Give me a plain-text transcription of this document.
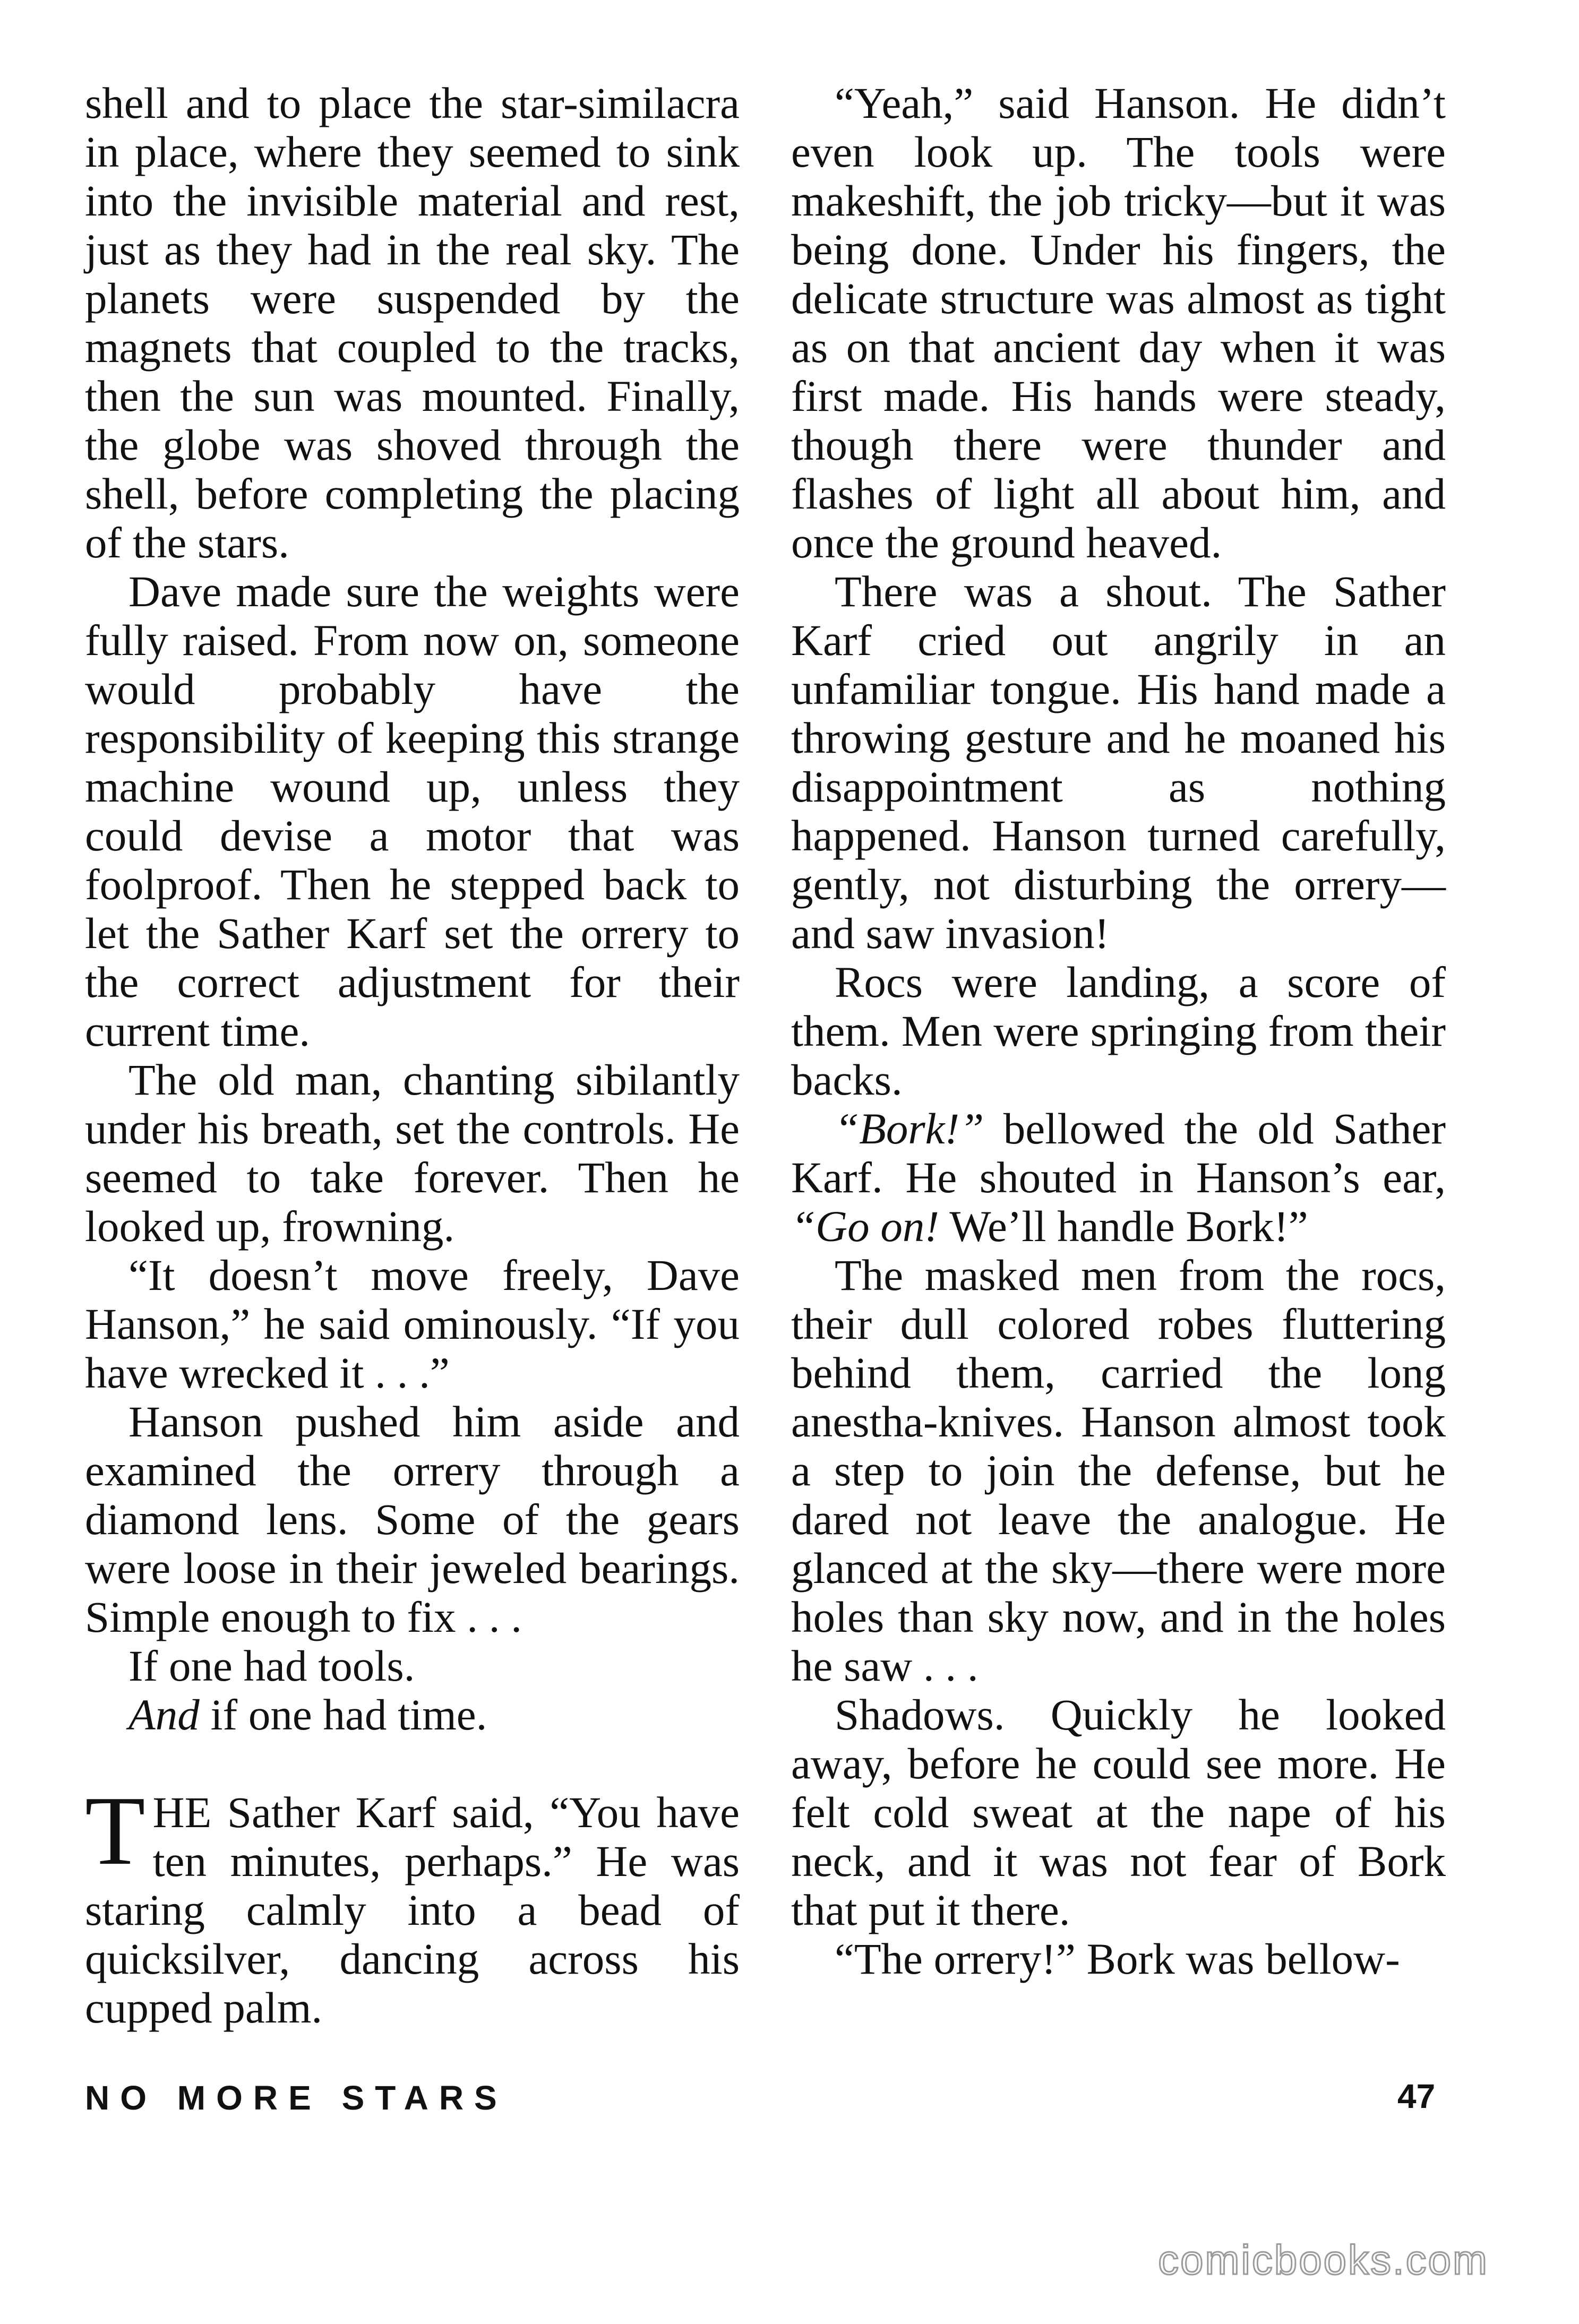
shell and to place the star-similacra in place, where they seemed to sink into the invisible material and rest, just as they had in the real sky. The planets were suspended by the magnets that coupled to the tracks, then the sun was mounted. Finally, the globe was shoved through the shell, before completing the placing of the stars.

Dave made sure the weights were fully raised. From now on, someone would probably have the responsibility of keeping this strange machine wound up, unless they could devise a motor that was foolproof. Then he stepped back to let the Sather Karf set the orrery to the correct adjustment for their current time.

The old man, chanting sibilantly under his breath, set the controls. He seemed to take forever. Then he looked up, frowning.

“It doesn’t move freely, Dave Hanson,” he said ominously. “If you have wrecked it . . .”

Hanson pushed him aside and examined the orrery through a diamond lens. Some of the gears were loose in their jeweled bearings. Simple enough to fix . . .

If one had tools.

And if one had time.

THE Sather Karf said, “You have ten minutes, perhaps.” He was staring calmly into a bead of quicksilver, dancing across his cupped palm.

“Yeah,” said Hanson. He didn’t even look up. The tools were makeshift, the job tricky—but it was being done. Under his fingers, the delicate structure was almost as tight as on that ancient day when it was first made. His hands were steady, though there were thunder and flashes of light all about him, and once the ground heaved.

There was a shout. The Sather Karf cried out angrily in an unfamiliar tongue. His hand made a throwing gesture and he moaned his disappointment as nothing happened. Hanson turned carefully, gently, not disturbing the orrery—and saw invasion!

Rocs were landing, a score of them. Men were springing from their backs.

“Bork!” bellowed the old Sather Karf. He shouted in Hanson’s ear, “Go on! We’ll handle Bork!”

The masked men from the rocs, their dull colored robes fluttering behind them, carried the long anestha-knives. Hanson almost took a step to join the defense, but he dared not leave the analogue. He glanced at the sky—there were more holes than sky now, and in the holes he saw . . .

Shadows. Quickly he looked away, before he could see more. He felt cold sweat at the nape of his neck, and it was not fear of Bork that put it there.

“The orrery!” Bork was bellow-

NO MORE STARS	47
comicbooks.com
